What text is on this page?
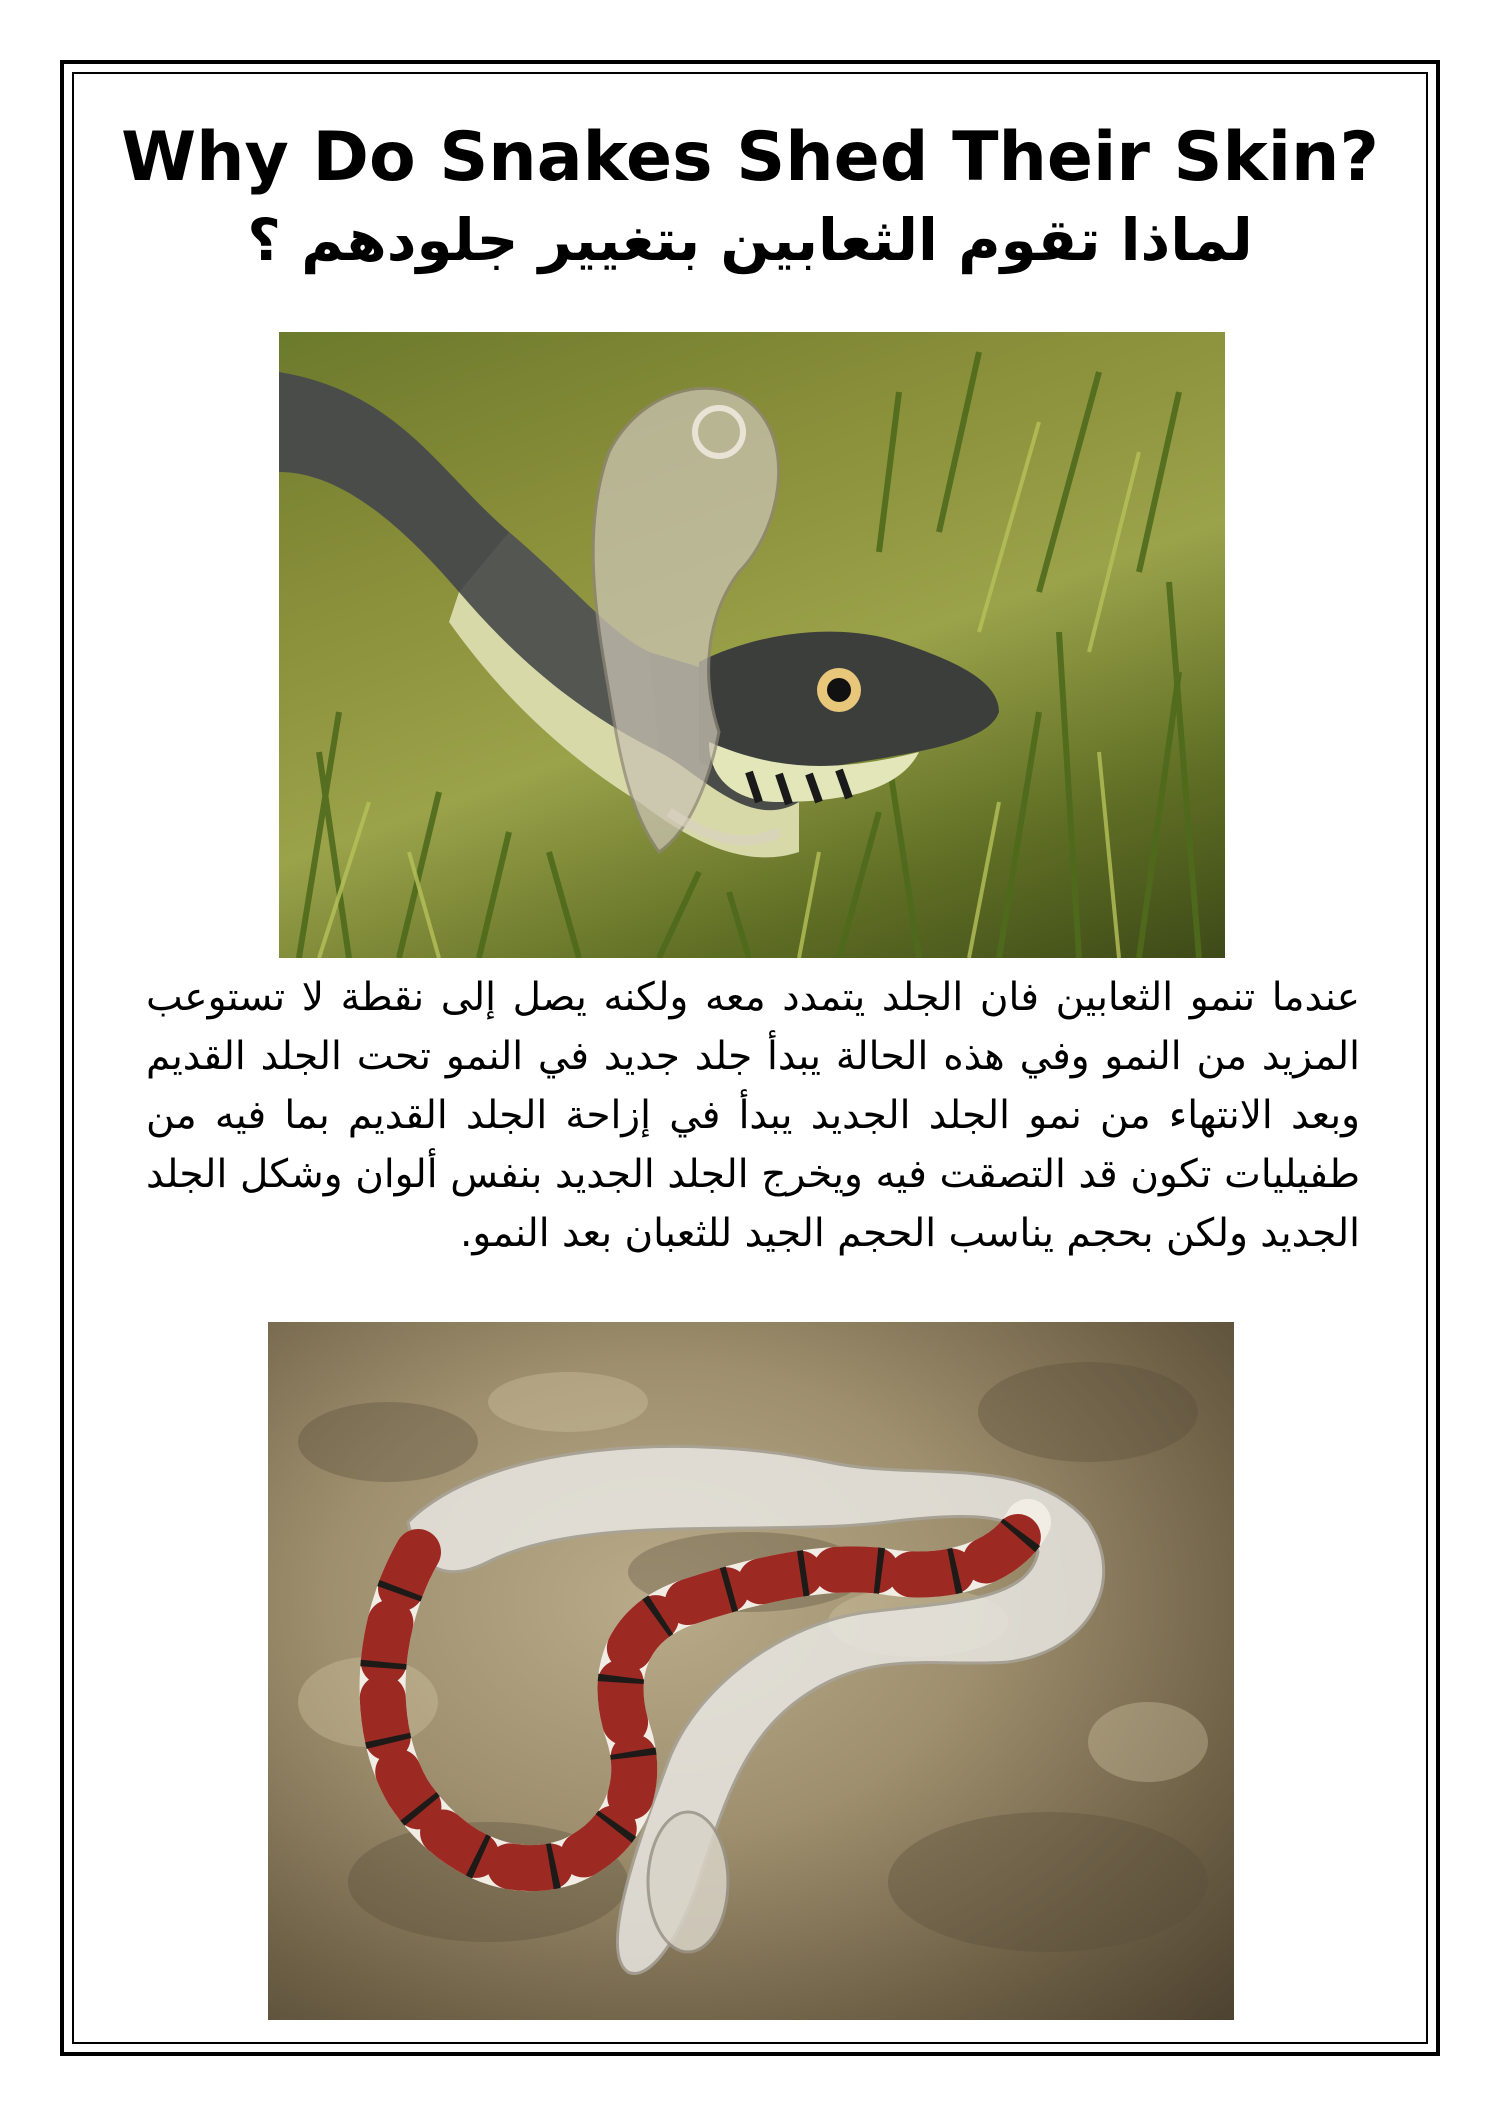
Why Do Snakes Shed Their Skin?
لماذا تقوم الثعابين بتغيير جلودهم ؟

عندما تنمو الثعابين فان الجلد يتمدد معه ولكنه يصل إلى نقطة لا تستوعب المزيد من النمو وفي هذه الحالة يبدأ جلد جديد في النمو تحت الجلد القديم وبعد الانتهاء من نمو الجلد الجديد يبدأ في إزاحة الجلد القديم بما فيه من طفيليات تكون قد التصقت فيه ويخرج الجلد الجديد بنفس ألوان وشكل الجلد الجديد ولكن بحجم يناسب الحجم الجيد للثعبان بعد النمو.
